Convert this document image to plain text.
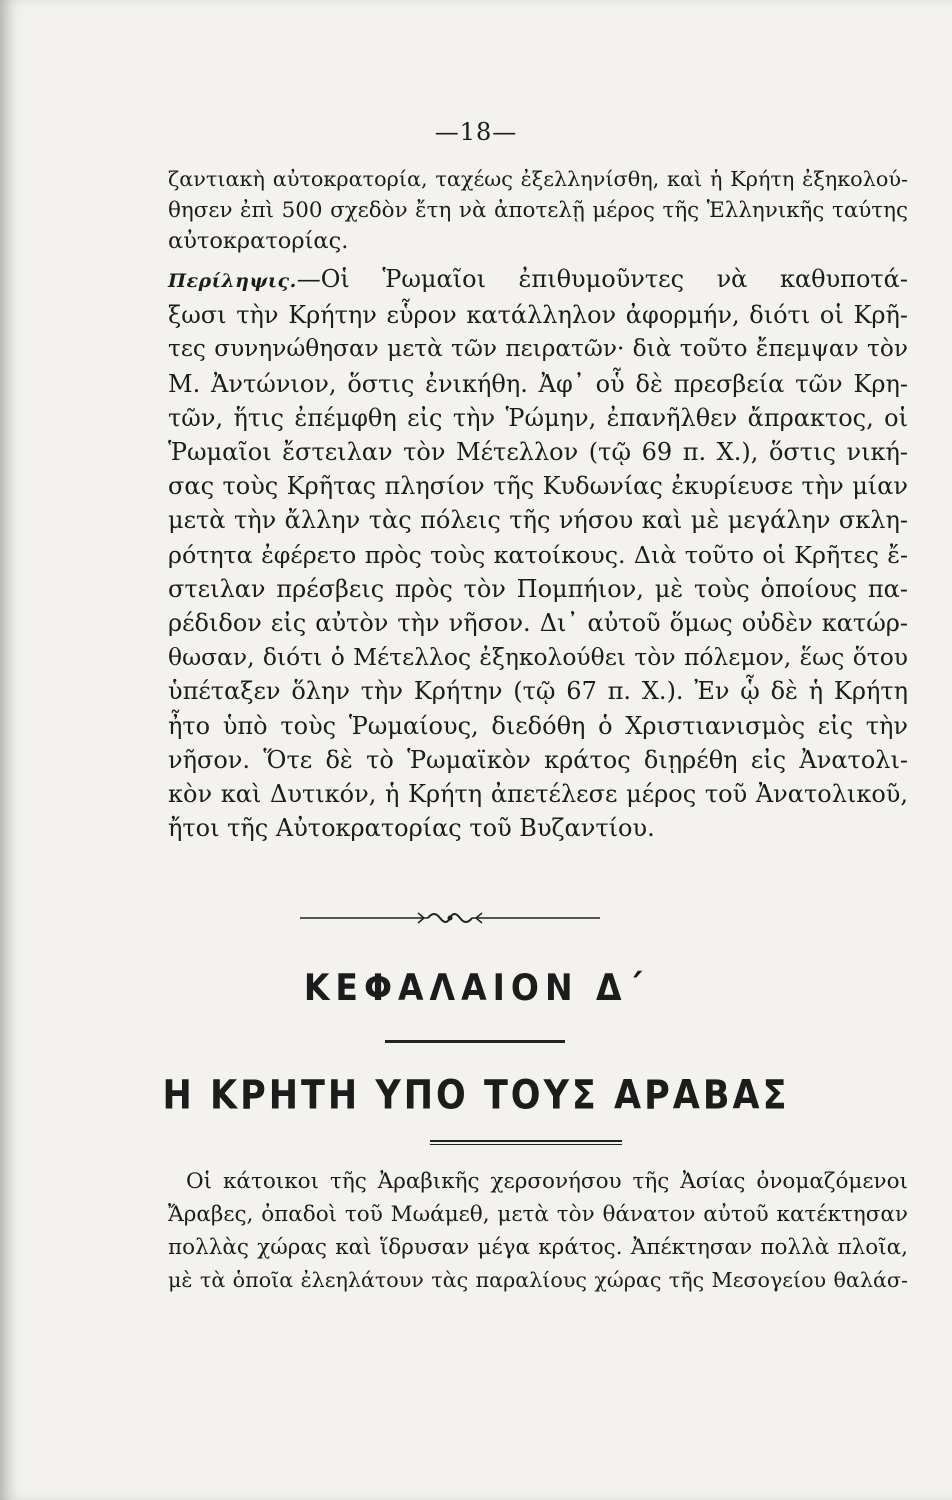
—18—
ζαντιακὴ αὐτοκρατορία, ταχέως ἐξελληνίσθη, καὶ ἡ Κρήτη ἐξηκολού-
θησεν ἐπὶ 500 σχεδὸν ἔτη νὰ ἀποτελῇ μέρος τῆς Ἑλληνικῆς ταύτης
αὐτοκρατορίας.
Περίληψις.—Οἱ Ῥωμαῖοι ἐπιθυμοῦντες νὰ καθυποτά-
ξωσι τὴν Κρήτην εὗρον κατάλληλον ἀφορμήν, διότι οἱ Κρῆ-
τες συνηνώθησαν μετὰ τῶν πειρατῶν· διὰ τοῦτο ἔπεμψαν τὸν
Μ. Ἀντώνιον, ὅστις ἐνικήθη. Ἀφ᾽ οὗ δὲ πρεσβεία τῶν Κρη-
τῶν, ἥτις ἐπέμφθη εἰς τὴν Ῥώμην, ἐπανῆλθεν ἄπρακτος, οἱ
Ῥωμαῖοι ἔστειλαν τὸν Μέτελλον (τῷ 69 π. Χ.), ὅστις νική-
σας τοὺς Κρῆτας πλησίον τῆς Κυδωνίας ἐκυρίευσε τὴν μίαν
μετὰ τὴν ἄλλην τὰς πόλεις τῆς νήσου καὶ μὲ μεγάλην σκλη-
ρότητα ἐφέρετο πρὸς τοὺς κατοίκους. Διὰ τοῦτο οἱ Κρῆτες ἔ-
στειλαν πρέσβεις πρὸς τὸν Πομπήιον, μὲ τοὺς ὁποίους πα-
ρέδιδον εἰς αὐτὸν τὴν νῆσον. Δι᾽ αὐτοῦ ὅμως οὐδὲν κατώρ-
θωσαν, διότι ὁ Μέτελλος ἐξηκολούθει τὸν πόλεμον, ἕως ὅτου
ὑπέταξεν ὅλην τὴν Κρήτην (τῷ 67 π. Χ.). Ἐν ᾧ δὲ ἡ Κρήτη
ἦτο ὑπὸ τοὺς Ῥωμαίους, διεδόθη ὁ Χριστιανισμὸς εἰς τὴν
νῆσον. Ὅτε δὲ τὸ Ῥωμαϊκὸν κράτος διῃρέθη εἰς Ἀνατολι-
κὸν καὶ Δυτικόν, ἡ Κρήτη ἀπετέλεσε μέρος τοῦ Ἀνατολικοῦ,
ἤτοι τῆς Αὐτοκρατορίας τοῦ Βυζαντίου.
ΚΕΦΑΛΑΙΟΝ Δ΄
Η ΚΡΗΤΗ ΥΠΟ ΤΟΥΣ ΑΡΑΒΑΣ
Οἱ κάτοικοι τῆς Ἀραβικῆς χερσονήσου τῆς Ἀσίας ὀνομαζόμενοι
Ἄραβες, ὀπαδοὶ τοῦ Μωάμεθ, μετὰ τὸν θάνατον αὐτοῦ κατέκτησαν
πολλὰς χώρας καὶ ἵδρυσαν μέγα κράτος. Ἀπέκτησαν πολλὰ πλοῖα,
μὲ τὰ ὁποῖα ἐλεηλάτουν τὰς παραλίους χώρας τῆς Μεσογείου θαλάσ-
